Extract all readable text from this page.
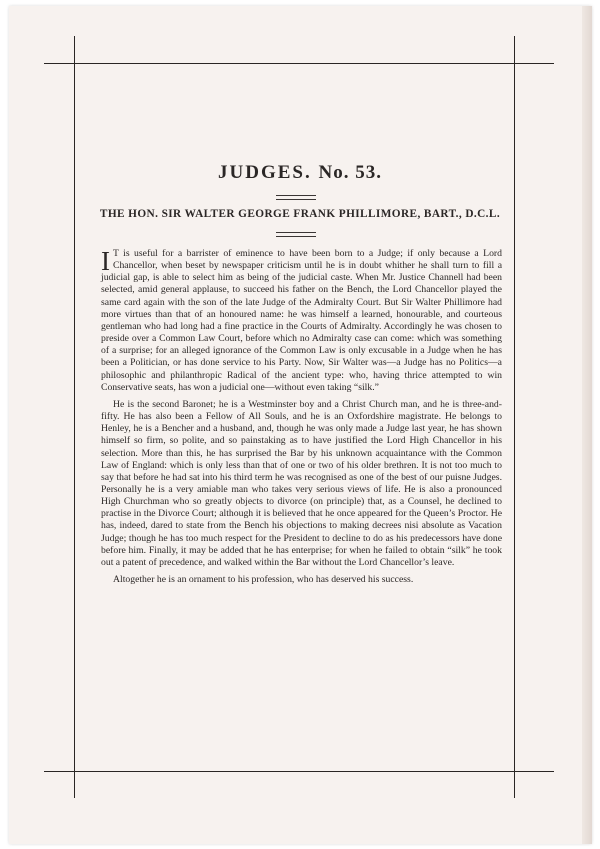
JUDGES. No. 53.
THE HON. SIR WALTER GEORGE FRANK PHILLIMORE, BART., D.C.L.

I T is useful for a barrister of eminence to have been born to a Judge; if only because a Lord Chancellor, when beset by newspaper criticism until he is in doubt whither he shall turn to fill a judicial gap, is able to select him as being of the judicial caste. When Mr. Justice Channell had been selected, amid general applause, to succeed his father on the Bench, the Lord Chancellor played the same card again with the son of the late Judge of the Admiralty Court. But Sir Walter Phillimore had more virtues than that of an honoured name: he was himself a learned, honourable, and courteous gentleman who had long had a fine practice in the Courts of Admiralty. Accordingly he was chosen to preside over a Common Law Court, before which no Admiralty case can come: which was something of a surprise; for an alleged ignorance of the Common Law is only excusable in a Judge when he has been a Politician, or has done service to his Party. Now, Sir Walter was—a Judge has no Politics—a philosophic and philanthropic Radical of the ancient type: who, having thrice attempted to win Conservative seats, has won a judicial one—without even taking “silk.”

He is the second Baronet; he is a Westminster boy and a Christ Church man, and he is three-and-fifty. He has also been a Fellow of All Souls, and he is an Oxfordshire magistrate. He belongs to Henley, he is a Bencher and a husband, and, though he was only made a Judge last year, he has shown himself so firm, so polite, and so painstaking as to have justified the Lord High Chancellor in his selection. More than this, he has surprised the Bar by his unknown acquaintance with the Common Law of England: which is only less than that of one or two of his older brethren. It is not too much to say that before he had sat into his third term he was recognised as one of the best of our puisne Judges. Personally he is a very amiable man who takes very serious views of life. He is also a pronounced High Churchman who so greatly objects to divorce (on principle) that, as a Counsel, he declined to practise in the Divorce Court; although it is believed that he once appeared for the Queen’s Proctor. He has, indeed, dared to state from the Bench his objections to making decrees nisi absolute as Vacation Judge; though he has too much respect for the President to decline to do as his predecessors have done before him. Finally, it may be added that he has enterprise; for when he failed to obtain “silk” he took out a patent of precedence, and walked within the Bar without the Lord Chancellor’s leave.

Altogether he is an ornament to his profession, who has deserved his success.
